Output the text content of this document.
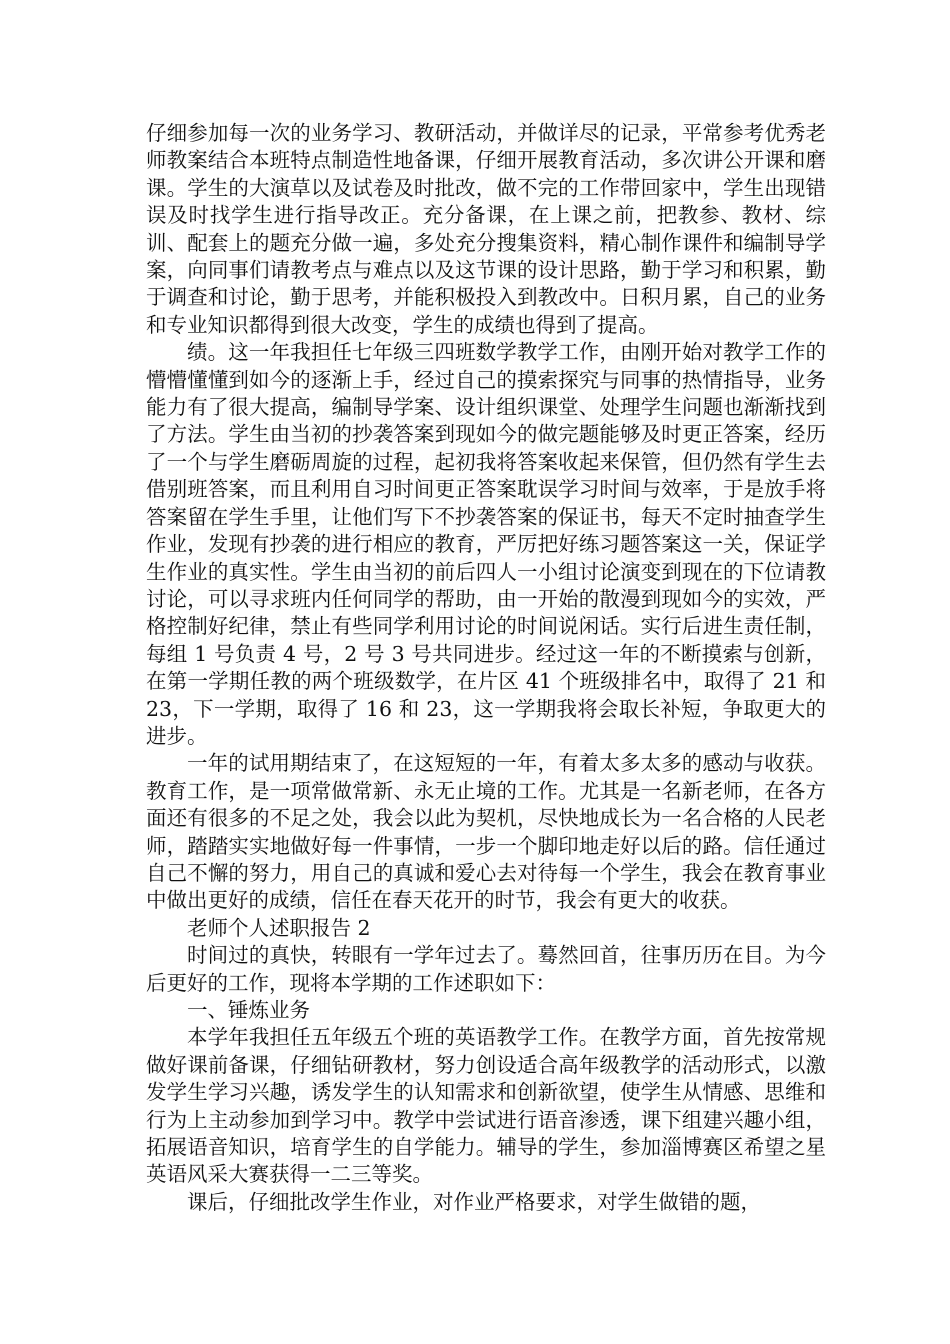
仔细参加每一次的业务学习、教研活动，并做详尽的记录，平常参考优秀老师教案结合本班特点制造性地备课，仔细开展教育活动，多次讲公开课和磨课。学生的大演草以及试卷及时批改，做不完的工作带回家中，学生出现错误及时找学生进行指导改正。充分备课，在上课之前，把教参、教材、综训、配套上的题充分做一遍，多处充分搜集资料，精心制作课件和编制导学案，向同事们请教考点与难点以及这节课的设计思路，勤于学习和积累，勤于调查和讨论，勤于思考，并能积极投入到教改中。日积月累，自己的业务和专业知识都得到很大改变，学生的成绩也得到了提高。

绩。这一年我担任七年级三四班数学教学工作，由刚开始对教学工作的懵懵懂懂到如今的逐渐上手，经过自己的摸索探究与同事的热情指导，业务能力有了很大提高，编制导学案、设计组织课堂、处理学生问题也渐渐找到了方法。学生由当初的抄袭答案到现如今的做完题能够及时更正答案，经历了一个与学生磨砺周旋的过程，起初我将答案收起来保管，但仍然有学生去借别班答案，而且利用自习时间更正答案耽误学习时间与效率，于是放手将答案留在学生手里，让他们写下不抄袭答案的保证书，每天不定时抽查学生作业，发现有抄袭的进行相应的教育，严厉把好练习题答案这一关，保证学生作业的真实性。学生由当初的前后四人一小组讨论演变到现在的下位请教讨论，可以寻求班内任何同学的帮助，由一开始的散漫到现如今的实效，严格控制好纪律，禁止有些同学利用讨论的时间说闲话。实行后进生责任制，每组 1 号负责 4 号，2 号 3 号共同进步。经过这一年的不断摸索与创新，在第一学期任教的两个班级数学，在片区 41 个班级排名中，取得了 21 和 23，下一学期，取得了 16 和 23，这一学期我将会取长补短，争取更大的进步。

一年的试用期结束了，在这短短的一年，有着太多太多的感动与收获。教育工作，是一项常做常新、永无止境的工作。尤其是一名新老师，在各方面还有很多的不足之处，我会以此为契机，尽快地成长为一名合格的人民老师，踏踏实实地做好每一件事情，一步一个脚印地走好以后的路。信任通过自己不懈的努力，用自己的真诚和爱心去对待每一个学生，我会在教育事业中做出更好的成绩，信任在春天花开的时节，我会有更大的收获。

老师个人述职报告 2

时间过的真快，转眼有一学年过去了。蓦然回首，往事历历在目。为今后更好的工作，现将本学期的工作述职如下：

一、锤炼业务

本学年我担任五年级五个班的英语教学工作。在教学方面，首先按常规做好课前备课，仔细钻研教材，努力创设适合高年级教学的活动形式，以激发学生学习兴趣，诱发学生的认知需求和创新欲望，使学生从情感、思维和行为上主动参加到学习中。教学中尝试进行语音渗透，课下组建兴趣小组，拓展语音知识，培育学生的自学能力。辅导的学生，参加淄博赛区希望之星英语风采大赛获得一二三等奖。

课后，仔细批改学生作业，对作业严格要求，对学生做错的题，
